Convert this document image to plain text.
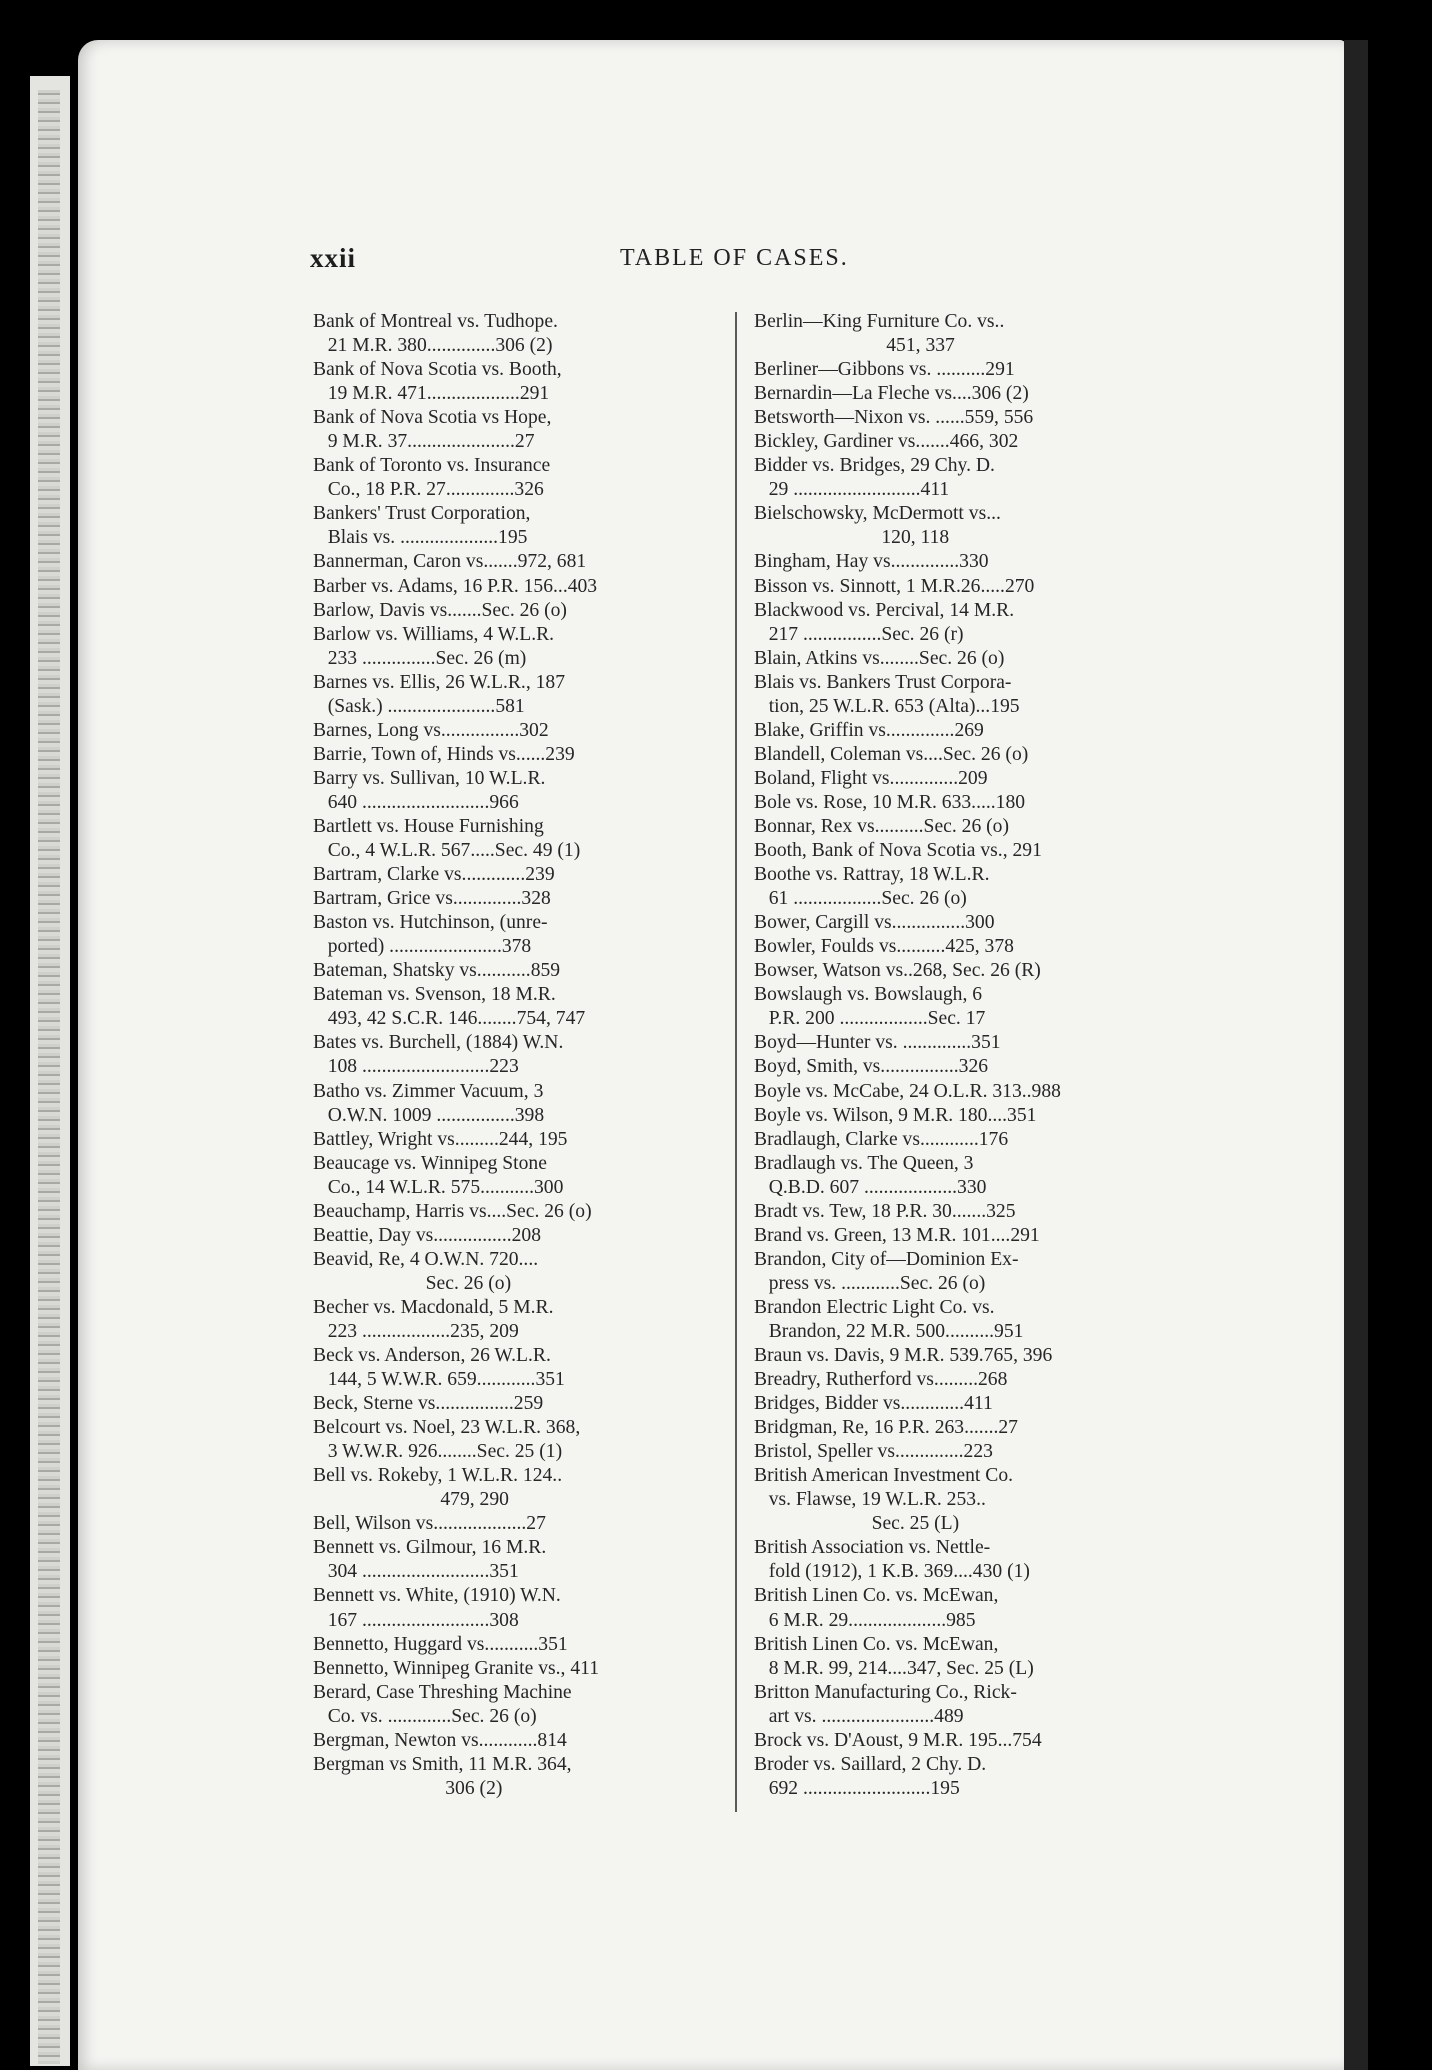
xxii	TABLE OF CASES.
Bank of Montreal vs. Tudhope.
21 M.R. 380..............306 (2)
Bank of Nova Scotia vs. Booth,
19 M.R. 471...................291
Bank of Nova Scotia vs Hope,
9 M.R. 37......................27
Bank of Toronto vs. Insurance
Co., 18 P.R. 27..............326
Bankers' Trust Corporation,
Blais vs. ....................195
Bannerman, Caron vs.......972, 681
Barber vs. Adams, 16 P.R. 156...403
Barlow, Davis vs.......Sec. 26 (o)
Barlow vs. Williams, 4 W.L.R.
233 ...............Sec. 26 (m)
Barnes vs. Ellis, 26 W.L.R., 187
(Sask.) ......................581
Barnes, Long vs................302
Barrie, Town of, Hinds vs......239
Barry vs. Sullivan, 10 W.L.R.
640 ..........................966
Bartlett vs. House Furnishing
Co., 4 W.L.R. 567.....Sec. 49 (1)
Bartram, Clarke vs.............239
Bartram, Grice vs..............328
Baston vs. Hutchinson, (unre-
ported) .......................378
Bateman, Shatsky vs...........859
Bateman vs. Svenson, 18 M.R.
493, 42 S.C.R. 146........754, 747
Bates vs. Burchell, (1884) W.N.
108 ..........................223
Batho vs. Zimmer Vacuum, 3
O.W.N. 1009 ................398
Battley, Wright vs.........244, 195
Beaucage vs. Winnipeg Stone
Co., 14 W.L.R. 575...........300
Beauchamp, Harris vs....Sec. 26 (o)
Beattie, Day vs................208
Beavid, Re, 4 O.W.N. 720....
Sec. 26 (o)
Becher vs. Macdonald, 5 M.R.
223 ..................235, 209
Beck vs. Anderson, 26 W.L.R.
144, 5 W.W.R. 659............351
Beck, Sterne vs................259
Belcourt vs. Noel, 23 W.L.R. 368,
3 W.W.R. 926........Sec. 25 (1)
Bell vs. Rokeby, 1 W.L.R. 124..
479, 290
Bell, Wilson vs...................27
Bennett vs. Gilmour, 16 M.R.
304 ..........................351
Bennett vs. White, (1910) W.N.
167 ..........................308
Bennetto, Huggard vs...........351
Bennetto, Winnipeg Granite vs., 411
Berard, Case Threshing Machine
Co. vs. .............Sec. 26 (o)
Bergman, Newton vs............814
Bergman vs Smith, 11 M.R. 364,
306 (2)
Berlin—King Furniture Co. vs..
451, 337
Berliner—Gibbons vs. ..........291
Bernardin—La Fleche vs....306 (2)
Betsworth—Nixon vs. ......559, 556
Bickley, Gardiner vs.......466, 302
Bidder vs. Bridges, 29 Chy. D.
29 ..........................411
Bielschowsky, McDermott vs...
120, 118
Bingham, Hay vs..............330
Bisson vs. Sinnott, 1 M.R.26.....270
Blackwood vs. Percival, 14 M.R.
217 ................Sec. 26 (r)
Blain, Atkins vs........Sec. 26 (o)
Blais vs. Bankers Trust Corpora-
tion, 25 W.L.R. 653 (Alta)...195
Blake, Griffin vs..............269
Blandell, Coleman vs....Sec. 26 (o)
Boland, Flight vs..............209
Bole vs. Rose, 10 M.R. 633.....180
Bonnar, Rex vs..........Sec. 26 (o)
Booth, Bank of Nova Scotia vs., 291
Boothe vs. Rattray, 18 W.L.R.
61 ..................Sec. 26 (o)
Bower, Cargill vs...............300
Bowler, Foulds vs..........425, 378
Bowser, Watson vs..268, Sec. 26 (R)
Bowslaugh vs. Bowslaugh, 6
P.R. 200 ..................Sec. 17
Boyd—Hunter vs. ..............351
Boyd, Smith, vs................326
Boyle vs. McCabe, 24 O.L.R. 313..988
Boyle vs. Wilson, 9 M.R. 180....351
Bradlaugh, Clarke vs............176
Bradlaugh vs. The Queen, 3
Q.B.D. 607 ...................330
Bradt vs. Tew, 18 P.R. 30.......325
Brand vs. Green, 13 M.R. 101....291
Brandon, City of—Dominion Ex-
press vs. ............Sec. 26 (o)
Brandon Electric Light Co. vs.
Brandon, 22 M.R. 500..........951
Braun vs. Davis, 9 M.R. 539.765, 396
Breadry, Rutherford vs.........268
Bridges, Bidder vs.............411
Bridgman, Re, 16 P.R. 263.......27
Bristol, Speller vs..............223
British American Investment Co.
vs. Flawse, 19 W.L.R. 253..
Sec. 25 (L)
British Association vs. Nettle-
fold (1912), 1 K.B. 369....430 (1)
British Linen Co. vs. McEwan,
6 M.R. 29....................985
British Linen Co. vs. McEwan,
8 M.R. 99, 214....347, Sec. 25 (L)
Britton Manufacturing Co., Rick-
art vs. .......................489
Brock vs. D'Aoust, 9 M.R. 195...754
Broder vs. Saillard, 2 Chy. D.
692 ..........................195
